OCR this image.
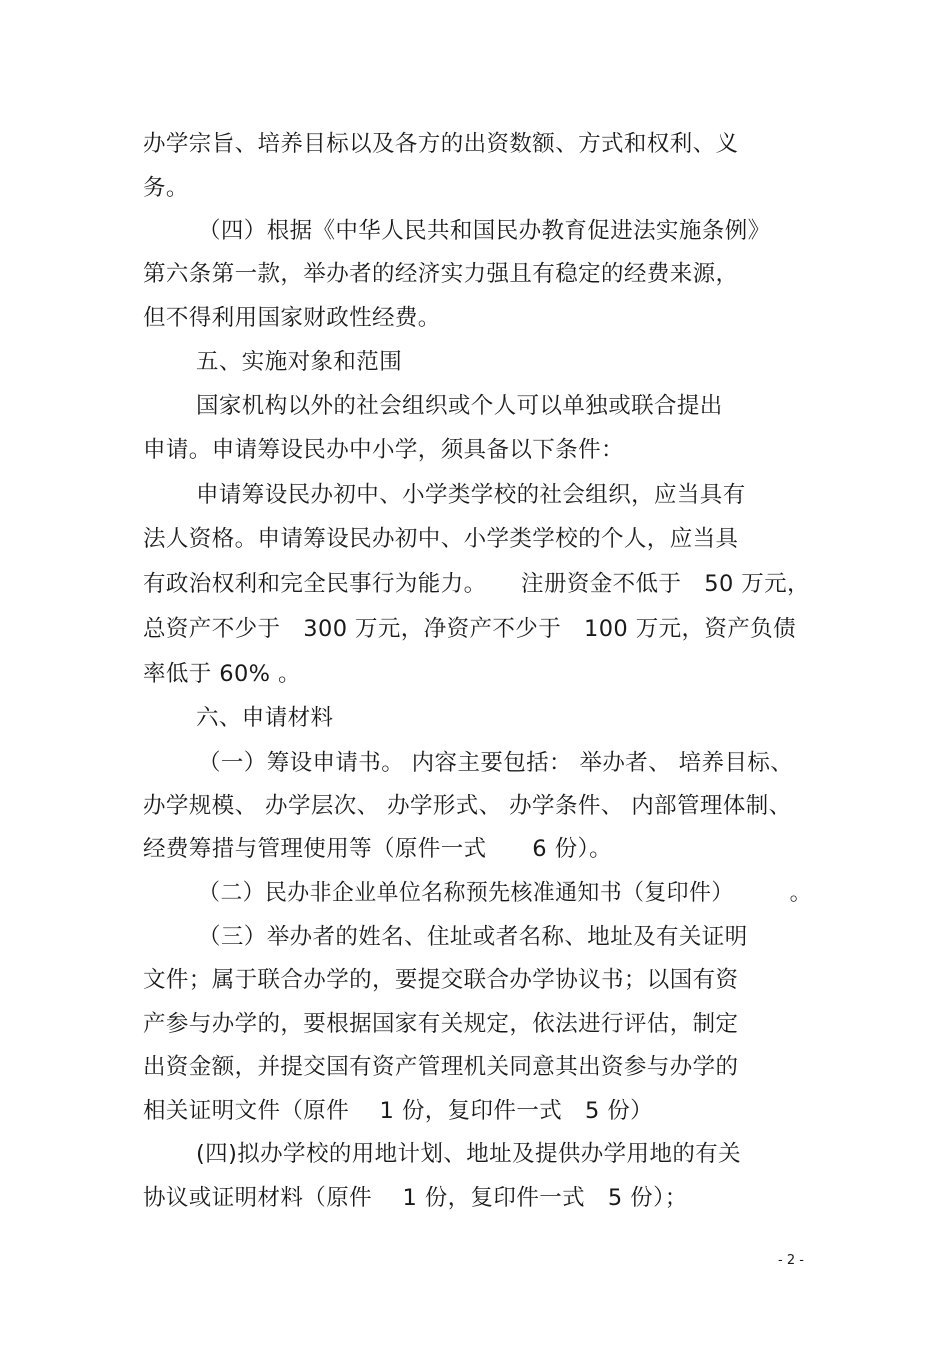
办学宗旨、培养目标以及各方的出资数额、方式和权利、义
务。
（四）根据《中华人民共和国民办教育促进法实施条例》
第六条第一款，举办者的经济实力强且有稳定的经费来源，
但不得利用国家财政性经费。
五、实施对象和范围
国家机构以外的社会组织或个人可以单独或联合提出
申请。申请筹设民办中小学，须具备以下条件：
申请筹设民办初中、小学类学校的社会组织，应当具有
法人资格。申请筹设民办初中、小学类学校的个人，应当具
有政治权利和完全民事行为能力。　　注册资金不低于　50 万元，
总资产不少于　300 万元，净资产不少于　100 万元，资产负债
率低于 60% 。
六、申请材料
（一）筹设申请书。 内容主要包括： 举办者、 培养目标、
办学规模、 办学层次、 办学形式、 办学条件、 内部管理体制、
经费筹措与管理使用等（原件一式　　6 份）。
（二）民办非企业单位名称预先核准通知书（复印件）　　　。
（三）举办者的姓名、住址或者名称、地址及有关证明
文件；属于联合办学的，要提交联合办学协议书；以国有资
产参与办学的，要根据国家有关规定，依法进行评估，制定
出资金额，并提交国有资产管理机关同意其出资参与办学的
相关证明文件（原件　 1 份，复印件一式　5 份）
(四)拟办学校的用地计划、地址及提供办学用地的有关
协议或证明材料（原件　 1 份，复印件一式　5 份）；
- 2 -
